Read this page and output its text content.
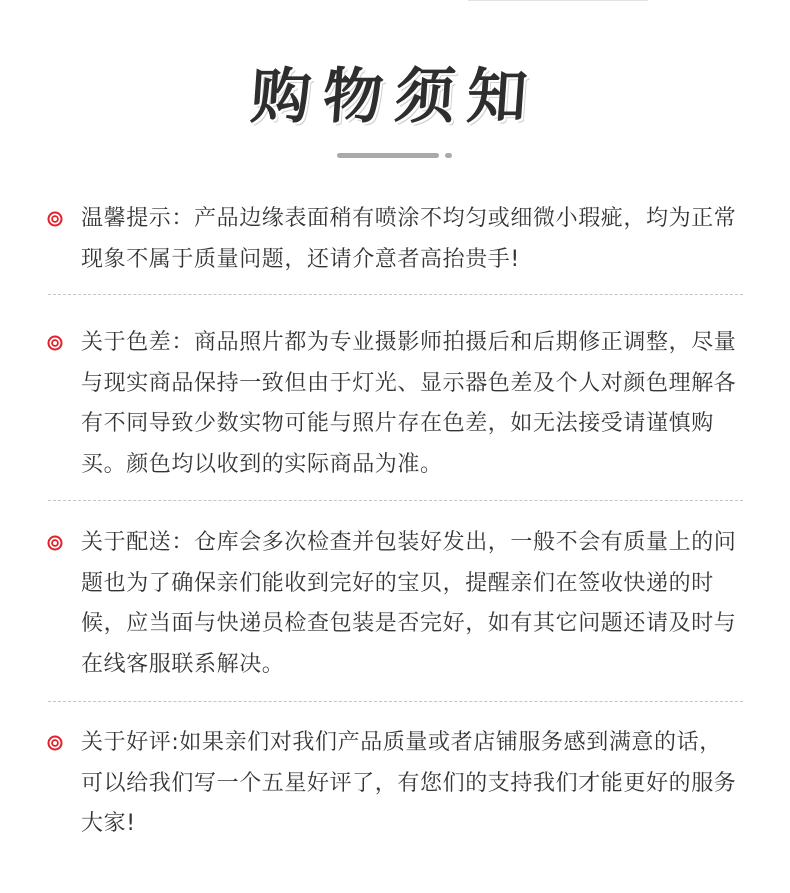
购物须知
温馨提示：产品边缘表面稍有喷涂不均匀或细微小瑕疵，均为正常现象不属于质量问题，还请介意者高抬贵手!
关于色差：商品照片都为专业摄影师拍摄后和后期修正调整，尽量与现实商品保持一致但由于灯光、显示器色差及个人对颜色理解各有不同导致少数实物可能与照片存在色差，如无法接受请谨慎购买。颜色均以收到的实际商品为准。
关于配送：仓库会多次检查并包装好发出，一般不会有质量上的问题也为了确保亲们能收到完好的宝贝，提醒亲们在签收快递的时候，应当面与快递员检查包装是否完好，如有其它问题还请及时与在线客服联系解决。
关于好评:如果亲们对我们产品质量或者店铺服务感到满意的话，可以给我们写一个五星好评了，有您们的支持我们才能更好的服务大家!
